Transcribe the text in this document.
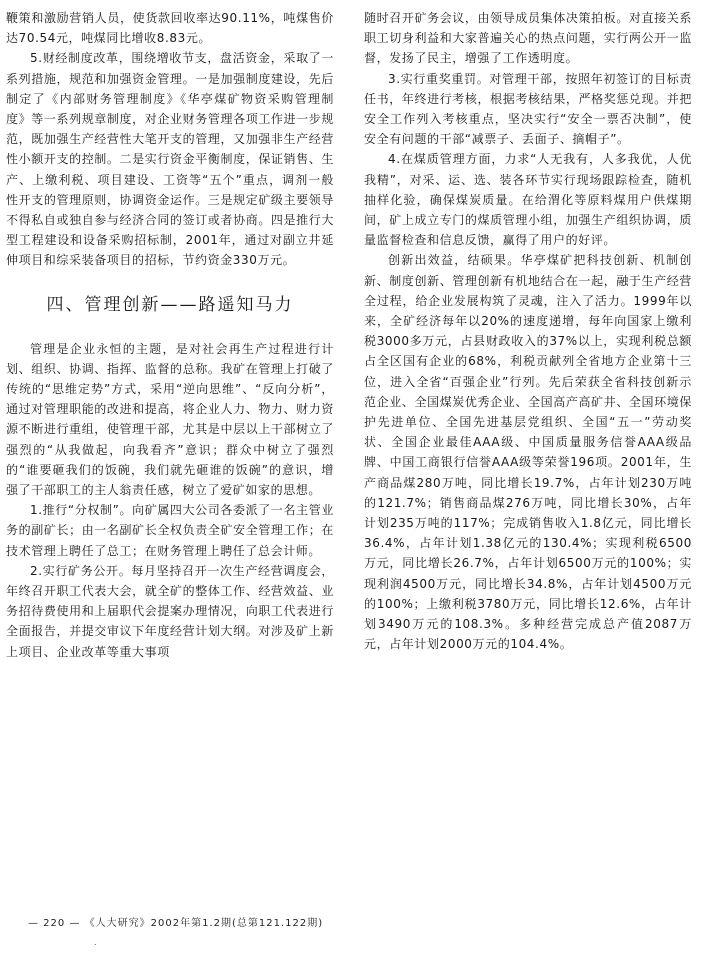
鞭策和激励营销人员，使货款回收率达90.11%，吨煤售价达70.54元，吨煤同比增收8.83元。

5.财经制度改革，围绕增收节支，盘活资金，采取了一系列措施，规范和加强资金管理。一是加强制度建设，先后制定了《内部财务管理制度》《华亭煤矿物资采购管理制度》等一系列规章制度，对企业财务管理各项工作进一步规范，既加强生产经营性大笔开支的管理，又加强非生产经营性小额开支的控制。二是实行资金平衡制度，保证销售、生产、上缴利税、项目建设、工资等“五个”重点，调剂一般性开支的管理原则，协调资金运作。三是规定矿级主要领导不得私自或独自参与经济合同的签订或者协商。四是推行大型工程建设和设备采购招标制，2001年，通过对副立井延伸项目和综采装备项目的招标，节约资金330万元。

四、管理创新——路遥知马力

管理是企业永恒的主题，是对社会再生产过程进行计划、组织、协调、指挥、监督的总称。我矿在管理上打破了传统的“思维定势”方式，采用“逆向思维”、“反向分析”，通过对管理职能的改进和提高，将企业人力、物力、财力资源不断进行重组，使管理干部，尤其是中层以上干部树立了强烈的“从我做起，向我看齐”意识；群众中树立了强烈的“谁要砸我们的饭碗，我们就先砸谁的饭碗”的意识，增强了干部职工的主人翁责任感，树立了爱矿如家的思想。

1.推行“分权制”。向矿属四大公司各委派了一名主管业务的副矿长；由一名副矿长全权负责全矿安全管理工作；在技术管理上聘任了总工；在财务管理上聘任了总会计师。

2.实行矿务公开。每月坚持召开一次生产经营调度会，年终召开职工代表大会，就全矿的整体工作、经营效益、业务招待费使用和上届职代会提案办理情况，向职工代表进行全面报告，并提交审议下年度经营计划大纲。对涉及矿上新上项目、企业改革等重大事项

随时召开矿务会议，由领导成员集体决策拍板。对直接关系职工切身利益和大家普遍关心的热点问题，实行两公开一监督，发扬了民主，增强了工作透明度。

3.实行重奖重罚。对管理干部，按照年初签订的目标责任书，年终进行考核，根据考核结果，严格奖惩兑现。并把安全工作列入考核重点，坚决实行“安全一票否决制”，使安全有问题的干部“减票子、丢面子、摘帽子”。

4.在煤质管理方面，力求“人无我有，人多我优，人优我精”，对采、运、选、装各环节实行现场跟踪检查，随机抽样化验，确保煤炭质量。在给渭化等原料煤用户供煤期间，矿上成立专门的煤质管理小组，加强生产组织协调，质量监督检查和信息反馈，赢得了用户的好评。

创新出效益，结硕果。华亭煤矿把科技创新、机制创新、制度创新、管理创新有机地结合在一起，融于生产经营全过程，给企业发展构筑了灵魂，注入了活力。1999年以来，全矿经济每年以20%的速度递增，每年向国家上缴利税3000多万元，占县财政收入的37%以上，实现利税总额占全区国有企业的68%，利税贡献列全省地方企业第十三位，进入全省“百强企业”行列。先后荣获全省科技创新示范企业、全国煤炭优秀企业、全国高产高矿井、全国环境保护先进单位、全国先进基层党组织、全国“五一”劳动奖状、全国企业最佳AAA级、中国质量服务信誉AAA级品牌、中国工商银行信誉AAA级等荣誉196项。2001年，生产商品煤280万吨，同比增长19.7%，占年计划230万吨的121.7%；销售商品煤276万吨，同比增长30%，占年计划235万吨的117%；完成销售收入1.8亿元，同比增长36.4%，占年计划1.38亿元的130.4%；实现利税6500万元，同比增长26.7%，占年计划6500万元的100%；实现利润4500万元，同比增长34.8%，占年计划4500万元的100%；上缴利税3780万元，同比增长12.6%，占年计划3490万元的108.3%。多种经营完成总产值2087万元，占年计划2000万元的104.4%。

— 220 — 《人大研究》2002年第1.2期(总第121.122期)
.
